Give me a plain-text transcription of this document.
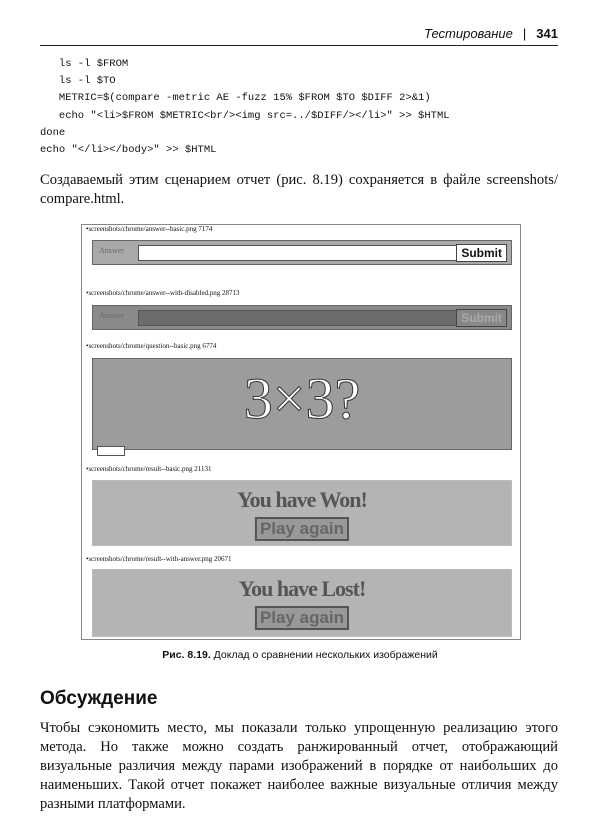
Тестирование | 341
ls -l $FROM
ls -l $TO
METRIC=$(compare -metric AE -fuzz 15% $FROM $TO $DIFF 2>&1)
echo "<li>$FROM $METRIC<br/><img src=../$DIFF/></li>" >> $HTML
done
echo "</li></body>" >> $HTML
Создаваемый этим сценарием отчет (рис. 8.19) сохраняется в файле screenshots/ compare.html.
• screenshots/chrome/answer--basic.png 7174
Answer	Submit
• screenshots/chrome/answer--with-disabled.png 28713
Answer	Submit
• screenshots/chrome/question--basic.png 6774
3×3?
• screenshots/chrome/result--basic.png 21131
You have Won!
Play again
• screenshots/chrome/result--with-answer.png 20671
You have Lost!
Play again
Рис. 8.19. Доклад о сравнении нескольких изображений
Обсуждение
Чтобы сэкономить место, мы показали только упрощенную реализацию этого метода. Но также можно создать ранжированный отчет, отображающий визуальные различия между парами изображений в порядке от наибольших до наименьших. Такой отчет покажет наиболее важные визуальные отличия между разными платформами.
